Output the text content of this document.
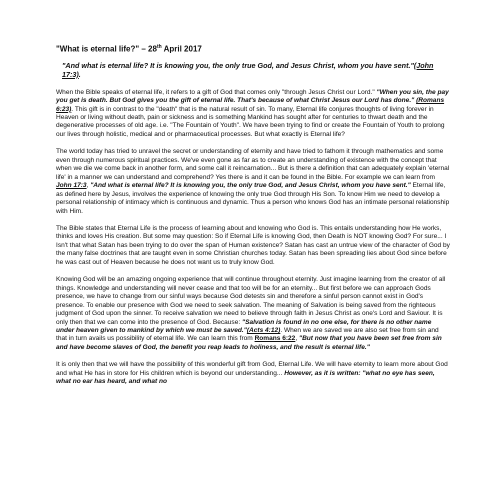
"What is eternal life?" – 28th April 2017
"And what is eternal life? It is knowing you, the only true God, and Jesus Christ, whom you have sent."(John 17:3).

When the Bible speaks of eternal life, it refers to a gift of God that comes only "through Jesus Christ our Lord." "When you sin, the pay you get is death. But God gives you the gift of eternal life. That's because of what Christ Jesus our Lord has done." (Romans 6:23). This gift is in contrast to the "death" that is the natural result of sin. To many, Eternal life conjures thoughts of living forever in Heaven or living without death, pain or sickness and is something Mankind has sought after for centuries to thwart death and the degenerative processes of old age. i.e. "The Fountain of Youth". We have been trying to find or create the Fountain of Youth to prolong our lives through holistic, medical and or pharmaceutical processes. But what exactly is Eternal life?

The world today has tried to unravel the secret or understanding of eternity and have tried to fathom it through mathematics and some even through numerous spiritual practices. We've even gone as far as to create an understanding of existence with the concept that when we die we come back in another form, and some call it reincarnation... But is there a definition that can adequately explain 'eternal life' in a manner we can understand and comprehend? Yes there is and it can be found in the Bible. For example we can learn from John 17:3, "And what is eternal life? It is knowing you, the only true God, and Jesus Christ, whom you have sent." Eternal life, as defined here by Jesus, involves the experience of knowing the only true God through His Son. To know Him we need to develop a personal relationship of intimacy which is continuous and dynamic. Thus a person who knows God has an intimate personal relationship with Him.

The Bible states that Eternal Life is the process of learning about and knowing who God is. This entails understanding how He works, thinks and loves His creation. But some may question: So if Eternal Life is knowing God, then Death is NOT knowing God? For sure... I Isn't that what Satan has been trying to do over the span of Human existence? Satan has cast an untrue view of the character of God by the many false doctrines that are taught even in some Christian churches today. Satan has been spreading lies about God since before he was cast out of Heaven because he does not want us to truly know God.

Knowing God will be an amazing ongoing experience that will continue throughout eternity. Just imagine learning from the creator of all things. Knowledge and understanding will never cease and that too will be for an eternity... But first before we can approach Gods presence, we have to change from our sinful ways because God detests sin and therefore a sinful person cannot exist in God's presence. To enable our presence with God we need to seek salvation. The meaning of Salvation is being saved from the righteous judgment of God upon the sinner. To receive salvation we need to believe through faith in Jesus Christ as one's Lord and Saviour. It is only then that we can come into the presence of God. Because: "Salvation is found in no one else, for there is no other name under heaven given to mankind by which we must be saved."(Acts 4:12). When we are saved we are also set free from sin and that in turn avails us possibility of eternal life. We can learn this from Romans 6:22, "But now that you have been set free from sin and have become slaves of God, the benefit you reap leads to holiness, and the result is eternal life."

It is only then that we will have the possibility of this wonderful gift from God, Eternal Life. We will have eternity to learn more about God and what He has in store for His children which is beyond our understanding... However, as it is written: "what no eye has seen, what no ear has heard, and what no
